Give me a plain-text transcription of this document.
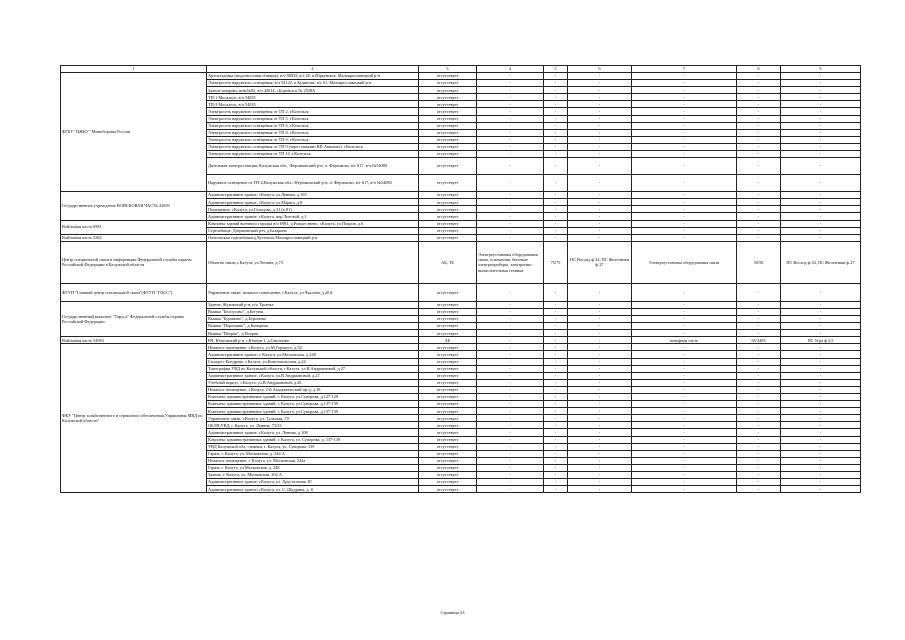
·
1	2	3	4	5	6	7	8	9
ФГБУ "ЦЖКУ" Минобороны России	Артскладовка (водонасосная станция), в/ч 86835, в/г 28, п.Юрьевское, Малоярославецкий р-н	отсутствует	-	-	-	-	-	-
	Электросеть наружного освещения, в/ч 54122, п.Кудинове, в/г 61, Малоярославецкий р-н	отсутствует	-	-	-	-	-	-
	Здание казармы, инв.№82, в/ч 42014, г.Боровск,п.№ 2538А	отсутствует	-	-	-	-	-	-
	ТП-1 Мосальск, в/ч 54035	отсутствует	-	-	-	-	-	-
	ТП-2 Мосальск, в/ч 54035	отсутствует	-	-	-	-	-	-
	Электросеть наружного освещения от ТП 2, г.Козельск	отсутствует	-	-	-	-	-	-
	Электросеть наружного освещения от ТП 5, г.Козельск	отсутствует	-	-	-	-	-	-
	Электросеть наружного освещения от ТП 6, г.Козельск	отсутствует	-	-	-	-	-	-
	Электросеть наружного освещения от ТП 8, г.Козельск	отсутствует	-	-	-	-	-	-
	Электросеть наружного освещения от ТП 9, г.Козельск	отсутствует	-	-	-	-	-	-
	Электросеть наружного освещения от ТП 9 (через магазин ВП Акимово), г.Козельск	отсутствует	-	-	-	-	-	-
	Электросеть наружного освещения от ТП 10, г.Козельск	отсутствует	-	-	-	-	-	-
	Дизельная электростанция, Калужская обл., Ферзиковский р-н, п. Ферзиково, в/г 617, в/ч №54080	отсутствует	-	-	-	-	-	-
	Наружное освещение от ТП-2,Калужская обл., Ферзиковский р-н, п. Ферзиково, в/г 617, в/ч №54080	отсутствует	-	-	-	-	-	-
Государственное учреждение ВОЙСКОВАЯ ЧАСТЬ 41659	Административное здание, г.Калуга, ул.Ленина, д.105	отсутствует	-	-	-	-	-	-
	Административное здание, г.Калуга, ул.Марата, д.8	отсутствует	-	-	-	-	-	-
	Помещение, г.Калуга, ул.Гельцова, д.31 (к.81)	отсутствует	-	-	-	-	-	-
	Административное здание, г.Калуга, пер.Литовой, д.1	отсутствует	-	-	-	-	-	-
Войсковая часть 6981	Комплекс зданий военного городка в/ч 6981, д.Рождествено, г.Калуга, ул.Покров, д.6	отсутствует	-	-	-	-	-	-
	Стрельбище, Дзержинский р-н, д.Базарино	отсутствует	-	-	-	-	-	-
Войсковая часть 3382	Оптическая стрельбовка,д.Кутеполь,Малоярославецкий р-н	отсутствует	-	-	-	-	-	-
Центр специальной связи и информации Федеральной службы охраны Российской Федерации в Калужской области	Объекты связи, г.Калуга, ул.Ленина, д.73	АБ, ТБ	Электроустановка оборудования связи, освещения, бытовые электроприборы, электронно-вычислительная техника	75/75	ПС Восход ф.34, ПС Железники ф.27	Электроустановка оборудования связи	50/50	ПС Восход ф.34, ПС Железники ф.27
ФГУП "Главный центр специальной связи"(ФГУП "ГЦСС")	Управление связи, нежилое помещение, г.Калуга, ул.Чкалова, д.20А	отсутствует	-	-	-	-	-	-
Государственный комплекс "Таруса" Федеральной службы охраны Российской Федерации	Здание, Жуковский р-н, п/о Троечье	отсутствует	-	-	-	-	-	-
	Вышка "Белоусово", д.Бегуны	отсутствует	-	-	-	-	-	-
	Вышка "Буриново", д.Буриново	отсутствует	-	-	-	-	-	-
	Вышка "Порошино", д.Комарова	отсутствует	-	-	-	-	-	-
	Вышка "Похрап", д.Похрап	отсутствует	-	-	-	-	-	-
Войсковая часть 54983	ВЧ, Юхновский р-н, г.Юхнов-1, д.Смоленка	АБ	-	-	-	пожарная часть	65/3493	ПС Угра ф.3,5
ФКУ "Центр хозяйственного и сервисного обеспечения Управления МВД по Калужской области"	Нежилое помещение, г.Калуга, ул.М.Горького, д.54	отсутствует	-	-	-	-	-	-
	Административное здание, г. Калуга, ул.Московская, д.248	отсутствует	-	-	-	-	-	-
	Склады г.Кондрово, г.Калуга, ул.Комсомольская, д.24	отсутствует	-	-	-	-	-	-
	Типография УВД по Калужской области, г.Калуга, ул.В.Андриановой, д.27	отсутствует	-	-	-	-	-	-
	Административное здание, г.Калуга, ул.В.Андриановой, д.27	отсутствует	-	-	-	-	-	-
	Учебный корпус, г.Калуга, ул.В.Андриановой, д.26	отсутствует	-	-	-	-	-	-
	Нежилое помещение, г.Калуга, 2-й Академический пр-д, д.18	отсутствует	-	-	-	-	-	-
	Комплекс административных зданий, г. Калуга, ул.Суворова, д.127-129	отсутствует	-	-	-	-	-	-
	Комплекс административных зданий, г. Калуга, ул.Суворова, д.137-139	отсутствует	-	-	-	-	-	-
	Комплекс административных зданий, г. Калуга, ул.Суворова, д.137-139	отсутствует	-	-	-	-	-	-
	Управление связи, г.Калуга, ул. Тульская, 70	отсутствует	-	-	-	-	-	-
	ОБЭП,УВД, г. Калуга, ул. Ленина, 73/33	отсутствует	-	-	-	-	-	-
	Административное здание, г.Калуга, ул. Ленина, д.108	отсутствует	-	-	-	-	-	-
	Комплекс административных зданий, г. Калуга, ул. Суворова, д. 137-139	отсутствует	-	-	-	-	-	-
	УВД Калужской обл. стоянки, г. Калуга, ул. Суворова, 139	отсутствует	-	-	-	-	-	-
	Гараж, г. Калуга, ул. Московская, д. 244 А	отсутствует	-	-	-	-	-	-
	Нежилое помещение, г. Калуга, ул. Московская, 244а	отсутствует	-	-	-	-	-	-
	Гараж, г. Калуга, ул.Московская, д. 248	отсутствует	-	-	-	-	-	-
	Здание, г. Калуга, ул. Московская, 204 А	отсутствует	-	-	-	-	-	-
	Административное здание, г.Калуга, ул. Хрустальная, 81	отсутствует	-	-	-	-	-	-
	Административное здание, г.Калуга, ул. С. Щедрина, д. 8	отсутствует	-	-	-	-	-	-
Страница 23
